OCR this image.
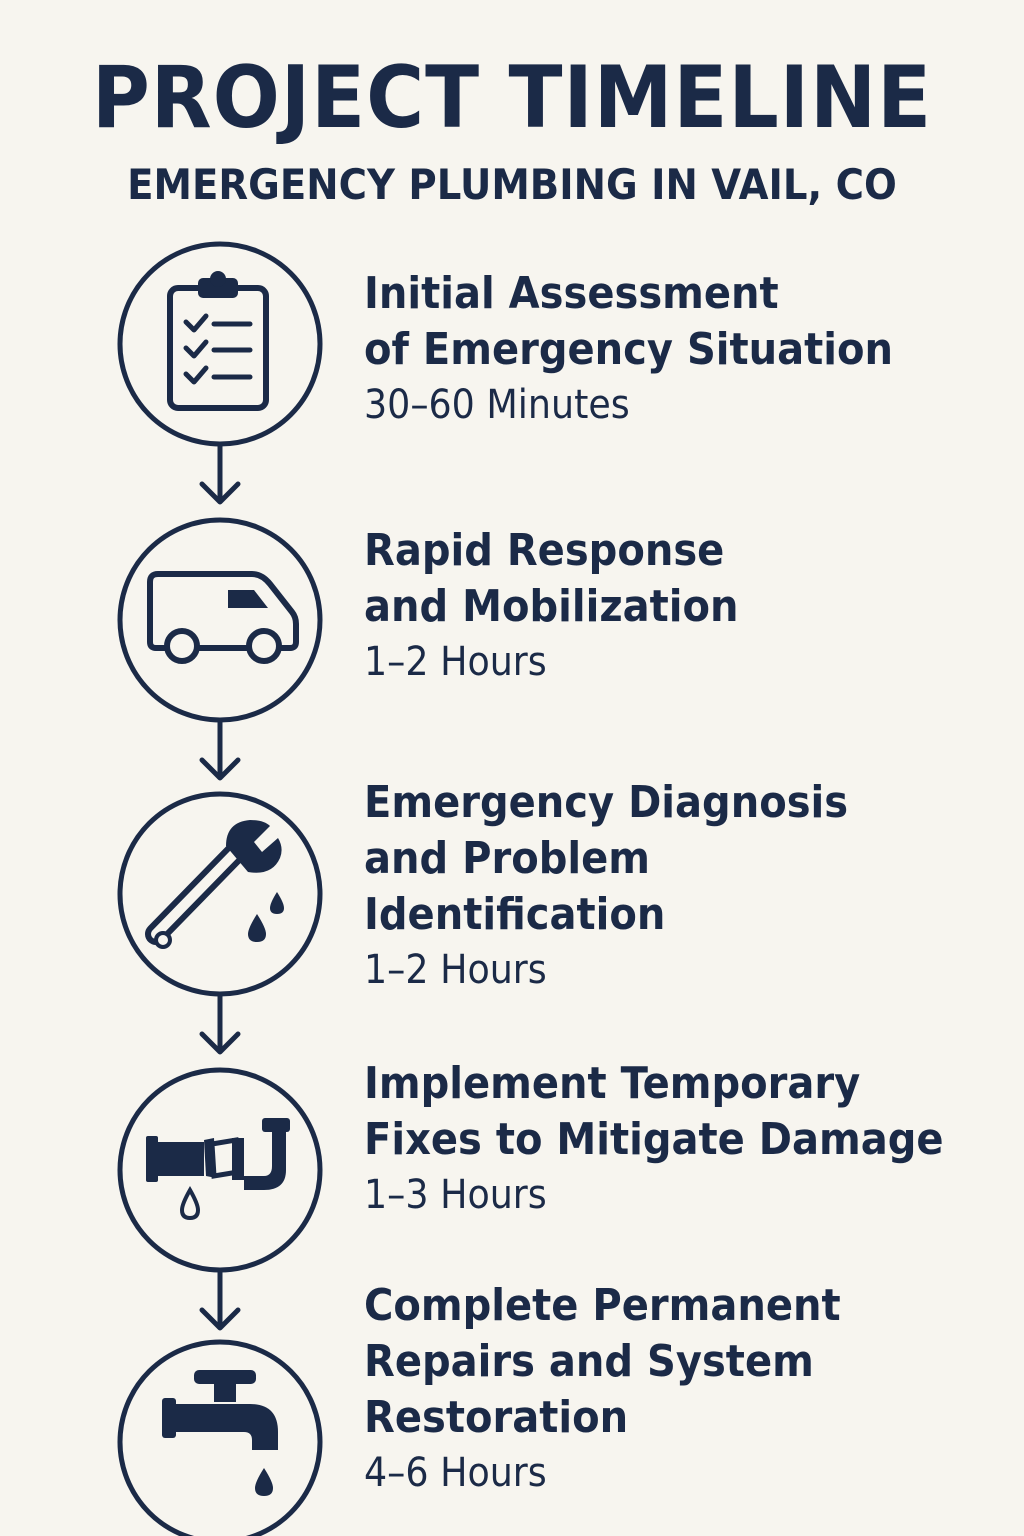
PROJECT TIMELINE
EMERGENCY PLUMBING IN VAIL, CO
Initial Assessment
of Emergency Situation
30–60 Minutes
Rapid Response
and Mobilization
1–2 Hours
Emergency Diagnosis
and Problem
Identification
1–2 Hours
Implement Temporary
Fixes to Mitigate Damage
1–3 Hours
Complete Permanent
Repairs and System
Restoration
4–6 Hours
